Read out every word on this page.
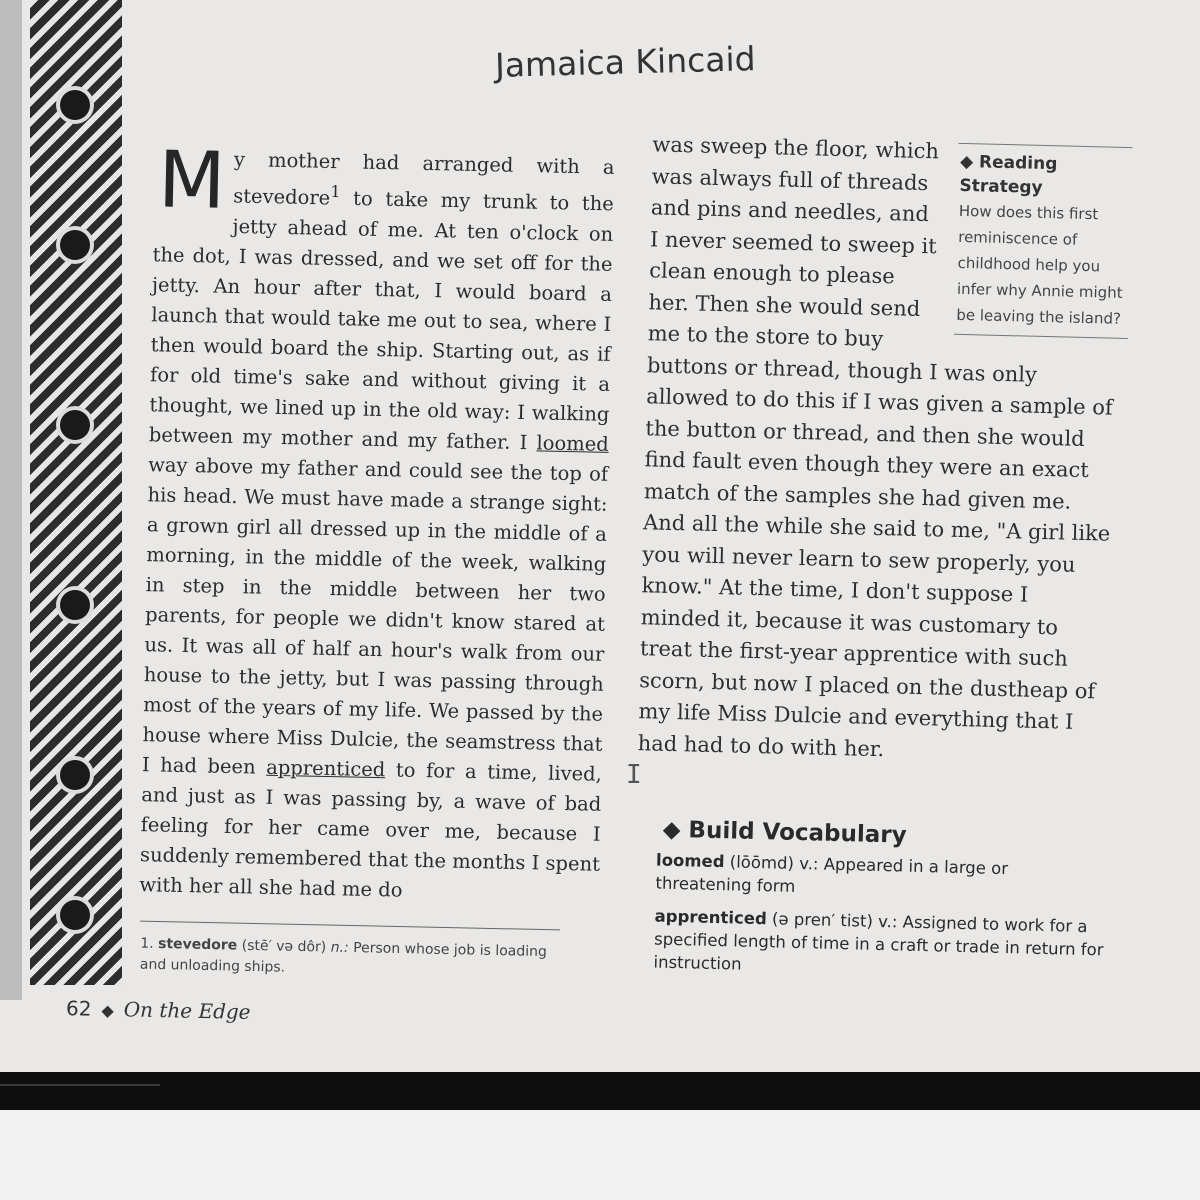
Jamaica Kincaid
M y mother had arranged with a stevedore$^1$ to take my trunk to the jetty ahead of me. At ten o'clock on the dot, I was dressed, and we set off for the jetty. An hour after that, I would board a launch that would take me out to sea, where I then would board the ship. Starting out, as if for old time's sake and without giving it a thought, we lined up in the old way: I walking between my mother and my father. I loomed way above my father and could see the top of his head. We must have made a strange sight: a grown girl all dressed up in the middle of a morning, in the middle of the week, walking in step in the middle between her two parents, for people we didn't know stared at us. It was all of half an hour's walk from our house to the jetty, but I was passing through most of the years of my life. We passed by the house where Miss Dulcie, the seamstress that I had been apprenticed to for a time, lived, and just as I was passing by, a wave of bad feeling for her came over me, because I suddenly remembered that the months I spent with her all she had me do

◆ Reading Strategy
How does this first reminiscence of childhood help you infer why Annie might be leaving the island?

was sweep the floor, which was always full of threads and pins and needles, and I never seemed to sweep it clean enough to please her. Then she would send me to the store to buy buttons or thread, though I was only allowed to do this if I was given a sample of the button or thread, and then she would find fault even though they were an exact match of the samples she had given me. And all the while she said to me, "A girl like you will never learn to sew properly, you know." At the time, I don't suppose I minded it, because it was customary to treat the first-year apprentice with such scorn, but now I placed on the dustheap of my life Miss Dulcie and everything that I had had to do with her.

I
1. stevedore (stē′ və dôr) n.: Person whose job is loading and unloading ships.
62 ◆ On the Edge
◆ Build Vocabulary
loomed (lōōmd) v.: Appeared in a large or threatening form
apprenticed (ə pren′ tist) v.: Assigned to work for a specified length of time in a craft or trade in return for instruction
